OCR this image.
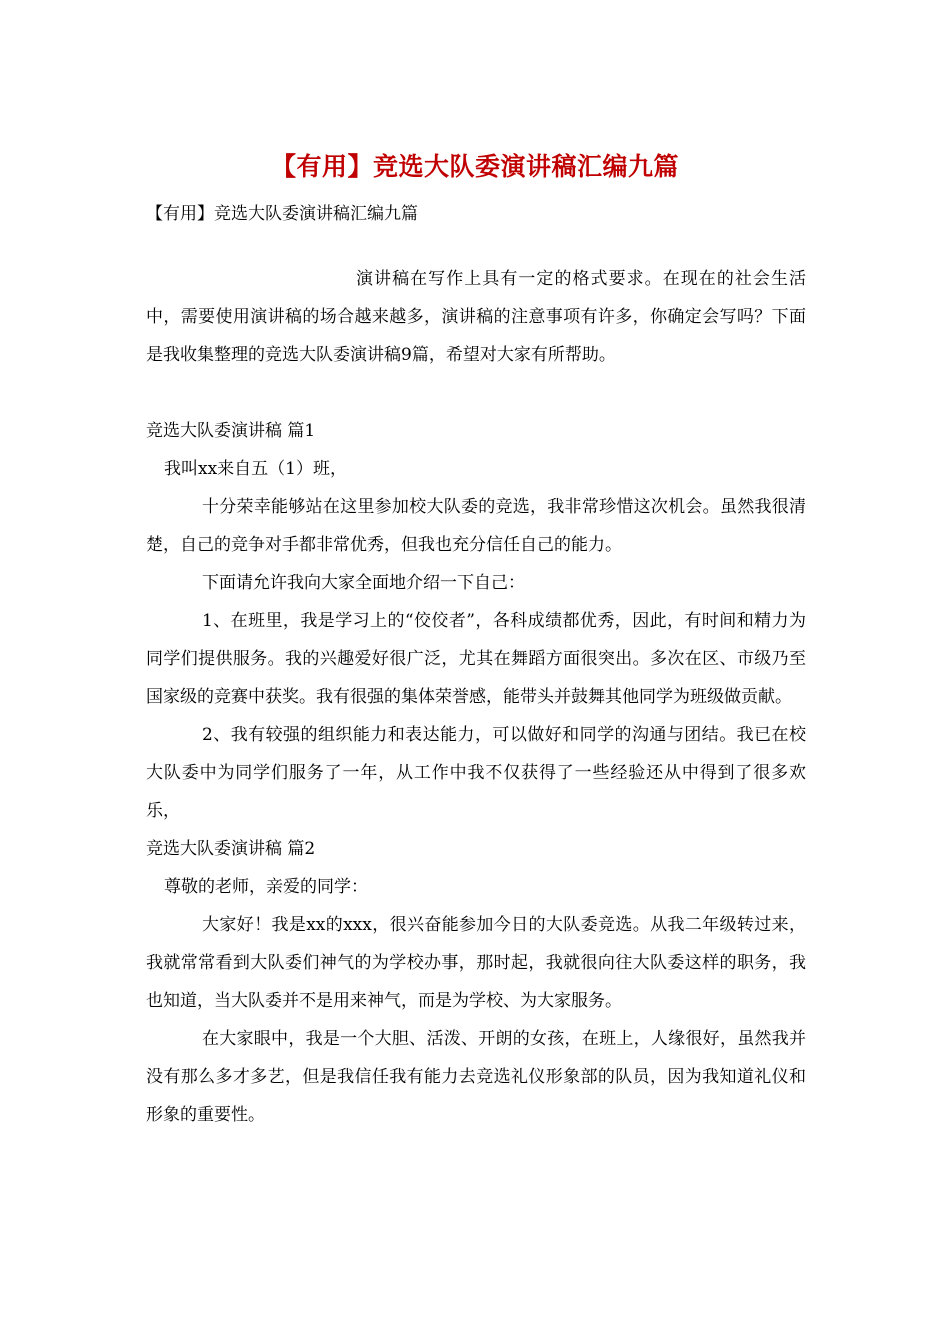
【有用】竞选大队委演讲稿汇编九篇
【有用】竞选大队委演讲稿汇编九篇

演讲稿在写作上具有一定的格式要求。在现在的社会生活中，需要使用演讲稿的场合越来越多，演讲稿的注意事项有许多，你确定会写吗？下面是我收集整理的竞选大队委演讲稿9篇，希望对大家有所帮助。

竞选大队委演讲稿 篇1

我叫xx来自五（1）班，

十分荣幸能够站在这里参加校大队委的竞选，我非常珍惜这次机会。虽然我很清楚，自己的竞争对手都非常优秀，但我也充分信任自己的能力。

下面请允许我向大家全面地介绍一下自己：

1、在班里，我是学习上的“佼佼者”，各科成绩都优秀，因此，有时间和精力为同学们提供服务。我的兴趣爱好很广泛，尤其在舞蹈方面很突出。多次在区、市级乃至国家级的竞赛中获奖。我有很强的集体荣誉感，能带头并鼓舞其他同学为班级做贡献。

2、我有较强的组织能力和表达能力，可以做好和同学的沟通与团结。我已在校大队委中为同学们服务了一年，从工作中我不仅获得了一些经验还从中得到了很多欢乐，

竞选大队委演讲稿 篇2

尊敬的老师，亲爱的同学：

大家好！我是xx的xxx，很兴奋能参加今日的大队委竞选。从我二年级转过来，我就常常看到大队委们神气的为学校办事，那时起，我就很向往大队委这样的职务，我也知道，当大队委并不是用来神气，而是为学校、为大家服务。

在大家眼中，我是一个大胆、活泼、开朗的女孩，在班上，人缘很好，虽然我并没有那么多才多艺，但是我信任我有能力去竞选礼仪形象部的队员，因为我知道礼仪和形象的重要性。
